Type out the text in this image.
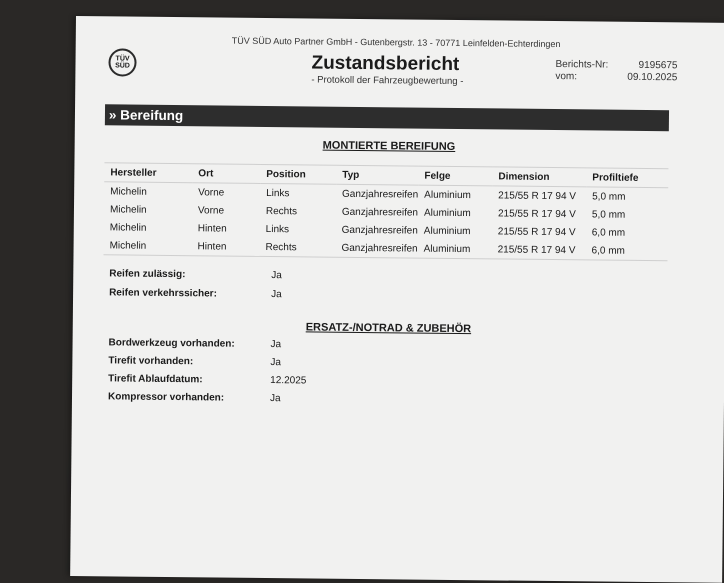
TÜV SÜD Auto Partner GmbH - Gutenbergstr. 13 - 70771 Leinfelden-Echterdingen
TÜV
SÜD	Zustandsbericht
- Protokoll der Fahrzeugbewertung -
Berichts-Nr:	9195675
vom:	09.10.2025
» Bereifung
MONTIERTE BEREIFUNG
Hersteller	Ort	Position	Typ	Felge	Dimension	Profiltiefe
Michelin	Vorne	Links	Ganzjahresreifen	Aluminium	215/55 R 17 94 V	5,0 mm
Michelin	Vorne	Rechts	Ganzjahresreifen	Aluminium	215/55 R 17 94 V	5,0 mm
Michelin	Hinten	Links	Ganzjahresreifen	Aluminium	215/55 R 17 94 V	6,0 mm
Michelin	Hinten	Rechts	Ganzjahresreifen	Aluminium	215/55 R 17 94 V	6,0 mm
Reifen zulässig:	Ja
Reifen verkehrssicher:	Ja
ERSATZ-/NOTRAD & ZUBEHÖR
Bordwerkzeug vorhanden:	Ja
Tirefit vorhanden:	Ja
Tirefit Ablaufdatum:	12.2025
Kompressor vorhanden:	Ja
